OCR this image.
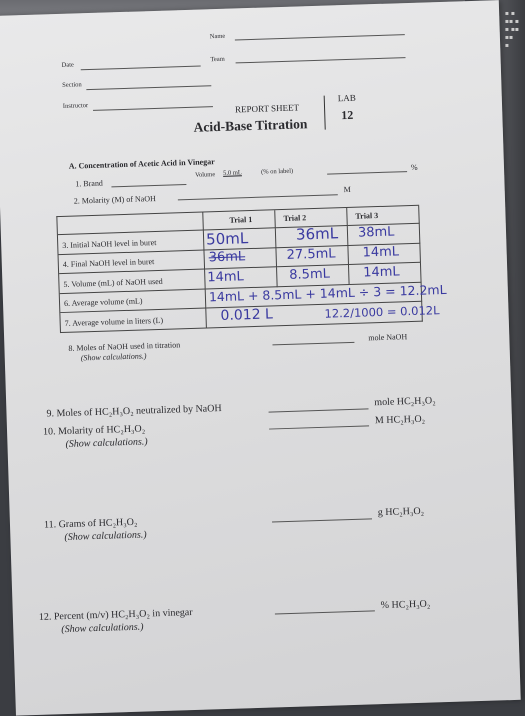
▪ ▪
▪▪ ▪
▪ ▪▪
▪▪
▪
Name
Date
Team
Section
Instructor	REPORT SHEET
LAB
12
Acid-Base Titration
A. Concentration of Acetic Acid in Vinegar
1. Brand
Volume 5.0 mL	(% on label)	%
2. Molarity (M) of NaOH
M
Trial 1	Trial 2	Trial 3
3. Initial NaOH level in buret	50mL	36mL 38mL
4. Final NaOH level in buret	36mL	27.5mL 14mL
5. Volume (mL) of NaOH used	14mL	8.5mL	14mL
6. Average volume (mL)	14mL + 8.5mL + 14mL ÷ 3 = 12.2mL
7. Average volume in liters (L)	0.012 L	12.2/1000 = 0.012L
8. Moles of NaOH used in titration
(Show calculations.)
mole NaOH
9. Moles of HC₂H₃O₂ neutralized by NaOH
mole HC₂H₃O₂
10. Molarity of HC₂H₃O₂
(Show calculations.)
M HC₂H₃O₂
11. Grams of HC₂H₃O₂
(Show calculations.)
g HC₂H₃O₂
12. Percent (m/v) HC₂H₃O₂ in vinegar
(Show calculations.)
% HC₂H₃O₂
